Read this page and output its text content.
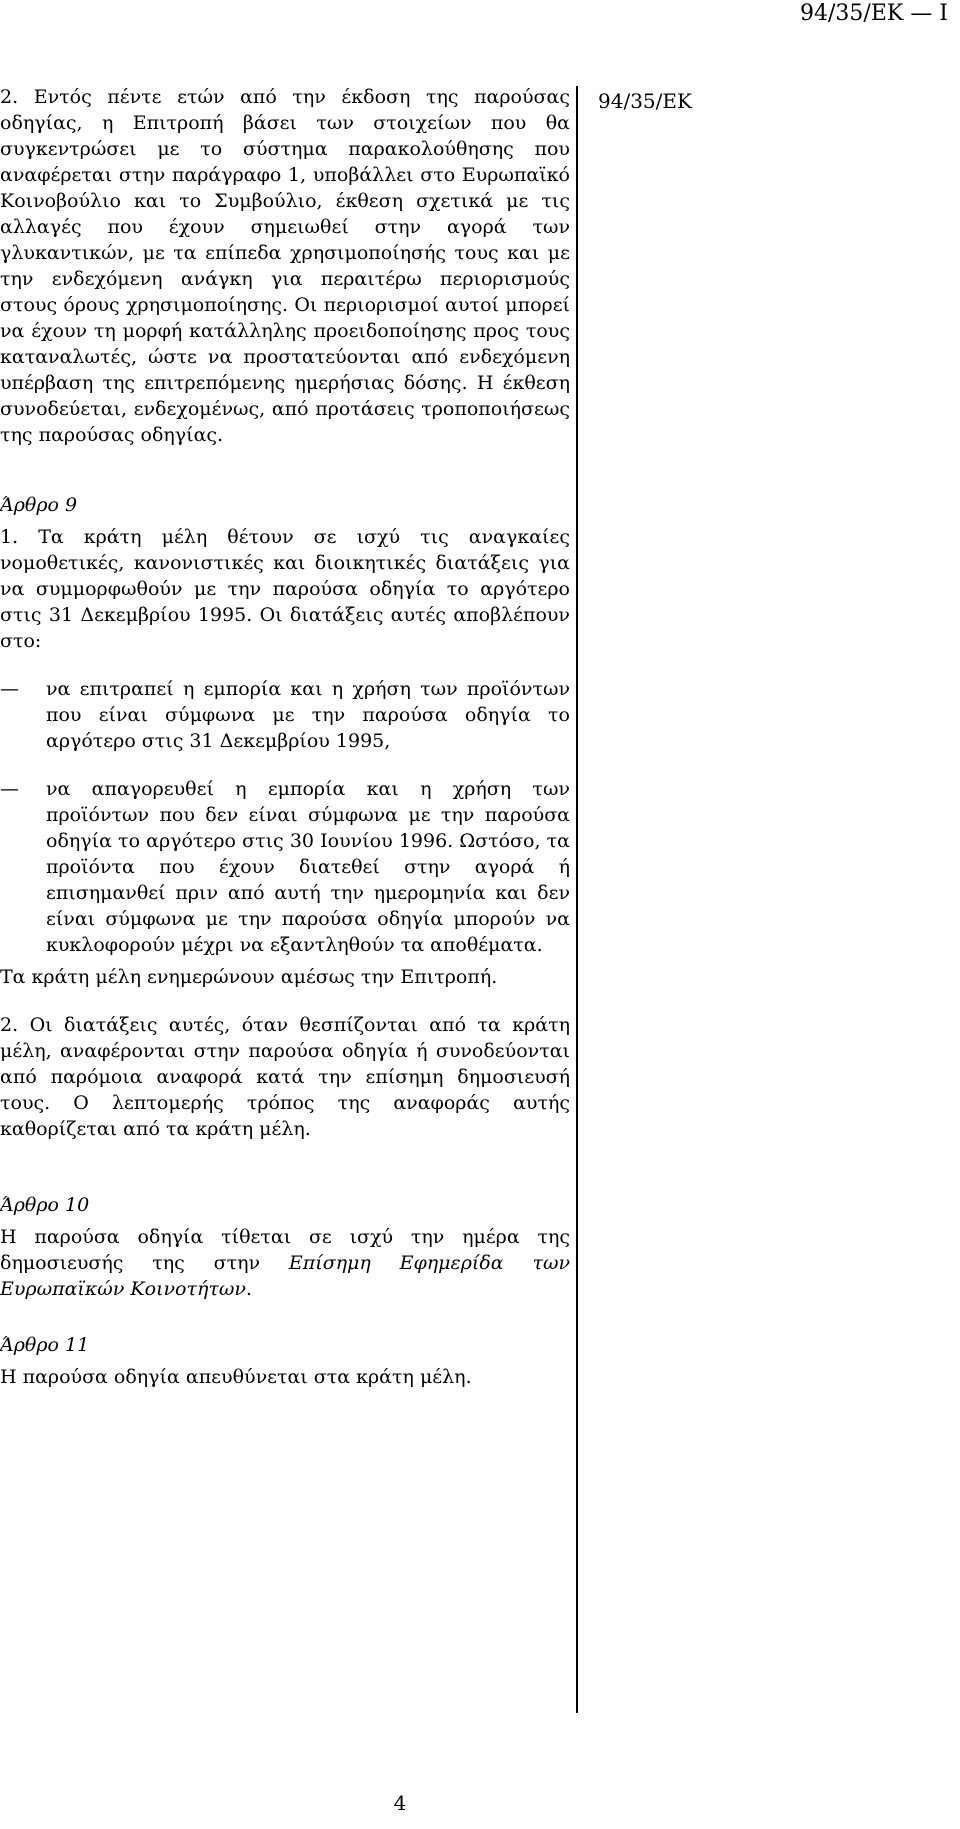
94/35/ΕΚ — I
94/35/ΕΚ

2. Εντός πέντε ετών από την έκδοση της παρούσας οδηγίας, η Επιτροπή βάσει των στοιχείων που θα συγκεντρώσει με το σύστημα παρακολούθησης που αναφέρεται στην παράγραφο 1, υποβάλλει στο Ευρωπαϊκό Κοινοβούλιο και το Συμβούλιο, έκθεση σχετικά με τις αλλαγές που έχουν σημειωθεί στην αγορά των γλυκαντικών, με τα επίπεδα χρησιμοποίησής τους και με την ενδεχόμενη ανάγκη για περαιτέρω περιορισμούς στους όρους χρησιμοποίησης. Οι περιορισμοί αυτοί μπορεί να έχουν τη μορφή κατάλληλης προειδοποίησης προς τους καταναλωτές, ώστε να προστατεύονται από ενδεχόμενη υπέρβαση της επιτρεπόμενης ημερήσιας δόσης. Η έκθεση συνοδεύεται, ενδεχομένως, από προτάσεις τροποποιήσεως της παρούσας οδηγίας.

Άρθρο 9

1. Τα κράτη μέλη θέτουν σε ισχύ τις αναγκαίες νομοθετικές, κανονιστικές και διοικητικές διατάξεις για να συμμορφωθούν με την παρούσα οδηγία το αργότερο στις 31 Δεκεμβρίου 1995. Οι διατάξεις αυτές αποβλέπουν στο:

—	να επιτραπεί η εμπορία και η χρήση των προϊόντων που είναι σύμφωνα με την παρούσα οδηγία το αργότερο στις 31 Δεκεμβρίου 1995,
—	να απαγορευθεί η εμπορία και η χρήση των προϊόντων που δεν είναι σύμφωνα με την παρούσα οδηγία το αργότερο στις 30 Ιουνίου 1996. Ωστόσο, τα προϊόντα που έχουν διατεθεί στην αγορά ή επισημανθεί πριν από αυτή την ημερομηνία και δεν είναι σύμφωνα με την παρούσα οδηγία μπορούν να κυκλοφορούν μέχρι να εξαντληθούν τα αποθέματα.

Τα κράτη μέλη ενημερώνουν αμέσως την Επιτροπή.

2. Οι διατάξεις αυτές, όταν θεσπίζονται από τα κράτη μέλη, αναφέρονται στην παρούσα οδηγία ή συνοδεύονται από παρόμοια αναφορά κατά την επίσημη δημοσιευσή τους. Ο λεπτομερής τρόπος της αναφοράς αυτής καθορίζεται από τα κράτη μέλη.

Άρθρο 10

Η παρούσα οδηγία τίθεται σε ισχύ την ημέρα της δημοσιευσής της στην Επίσημη Εφημερίδα των Ευρωπαϊκών Κοινοτήτων.

Άρθρο 11

Η παρούσα οδηγία απευθύνεται στα κράτη μέλη.

4
